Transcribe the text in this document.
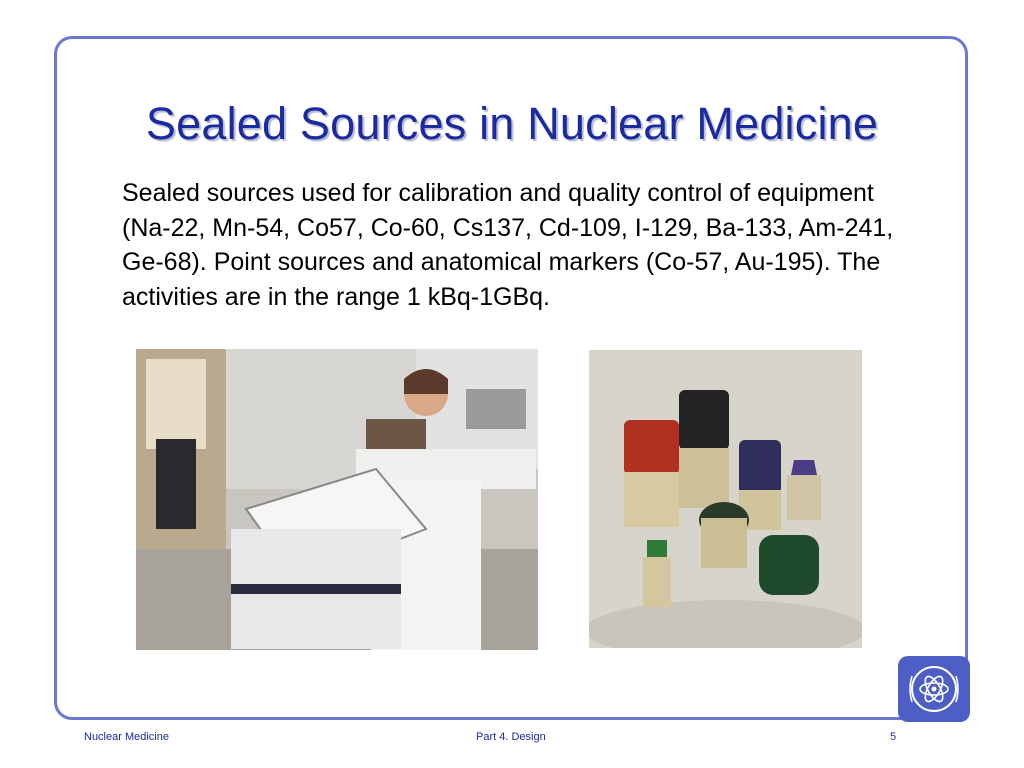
Sealed Sources in Nuclear Medicine
Sealed sources used for calibration and quality control of equipment (Na-22, Mn-54, Co57, Co-60, Cs137, Cd-109, I-129, Ba-133, Am-241, Ge-68). Point sources and anatomical markers (Co-57, Au-195). The activities are in the range 1 kBq-1GBq.
Nuclear Medicine	Part 4. Design	5
